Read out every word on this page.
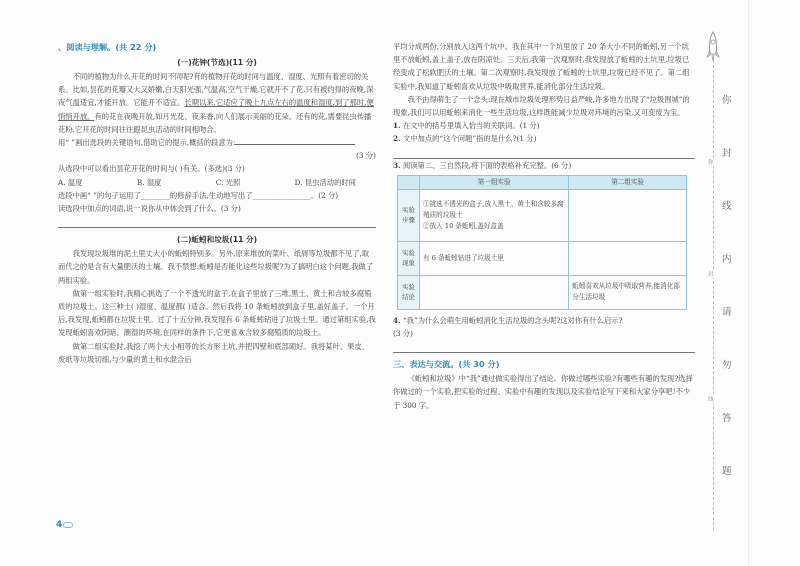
、阅读与理解。(共 22 分)
(一)花钟(节选)(11 分)

不同的植物为什么开花的时间不同呢?有的植物开花的时间与温度、湿度、光照有着密切的关系。比如,昙花的花瓣又大又娇嫩,白天阳光强,气温高,空气干燥,它就开不了花,只有被约得的夜晚,深夜气温适宜,才能开放。它能开不适宜。长期以来,它适应了晚上九点左右的温度和湿度,到了那时,便悄悄开放。有的花在夜晚开放,如月光花、夜来香,向人们展示美丽的花朵。还有的花,需要昆虫传播花粉,它开花的时间往往跟昆虫活动的时间相吻合。

用“ ”画出选段的关键语句,借助它的提示,概括的段意为:
(3 分)
从选段中可以看出昙花开花的时间与( )有关。(多选)(3 分)
A. 温度	B. 湿度	C. 光照	D. 昆虫活动的时间
选段中画“ ”的句子运用了________的修辞手法,生动地写出了________________。(2 分)
读选段中加点的词语,说一说你从中体会到了什么。(3 分)
(二)蚯蚓和垃圾(11 分)

我发现垃圾堆的泥土里丈大小的蚯蚓特别多。另外,原来堆放的菜叶、纸屑等垃圾都不见了,取而代之的是含有大量肥沃的土壤。我不禁想:蚯蚓是否能化这些垃圾呢?为了搞明白这个问题,我做了两组实验。

做第一组实验时,我精心挑选了一个不透光的盒子,在盒子里放了三堆,黑土、黄土和含较多腐殖质的垃圾土。这三种土( )湿度、温度都( )适合。然后我将 10 条蚯蚓放到盒子里,盖好盖子。一个月后,我发现,蚯蚓都在垃圾土里。过了十五分钟,我发现有 6 条蚯蚓钻进了垃圾土里。通过第组实验,我发现蚯蚓喜欢阴暗、潮湿的环境,在同样的条件下,它更喜欢含较多腐殖质的垃圾土。

做第二组实验时,我挖了两个大小相等的长方形土坑,并把四壁和底部砌好。我将某叶、果皮、废纸等垃圾切细,与少量的黄土和水混合后

4

平均分成两份,分别放入这两个坑中。我在其中一个坑里放了 20 条大小不同的蚯蚓,另一个坑里不放蚯蚓,盖上盖子,放在阴凉处。三天后,我第一次观察时,我发现放了蚯蚓的土坑里,垃圾已经变成了松软肥沃的土壤。第二次观察时,我发现放了蚯蚓的土坑里,垃圾已经不见了。第二组实验中,我知道了蚯蚓喜欢从垃圾中吸取营养,能消化部分生活垃圾。

我不由得萌生了一个念头:现在城市垃圾处理形势日益严峻,许多地方出现了“垃圾围城”的现象,我们可以用蚯蚓来消化一些生活垃圾,这样既能减少垃圾对环境的污染,又可变废为宝。

1. 在文中的括号里填入恰当的关联词。(1 分)
2. 文中加点的“这个问题”指的是什么?(1 分)
3. 阅读第二、三自然段,将下面的表格补充完整。(6 分)
	第一组实验	第二组实验
实验步骤	①挑选不透光的盒子,放入黑土、黄土和含较多腐殖质的垃圾土
②放入 10 条蚯蚓,盖好盒盖	

实验现象	有 6 条蚯蚓钻进了垃圾土里	
实验结论		蚯蚓喜欢从垃圾中吸取营养,能消化部分生活垃圾
4. “我”为什么会萌生用蚯蚓消化生活垃圾的念头呢?这对你有什么启示?
(3 分)
三、表达与交流。(共 30 分)

《蚯蚓和垃圾》中“我”通过做实验得出了结论。你做过哪些实验?有哪些有趣的发现?选择你做过的一个实验,把实验的过程、实验中有趣的发现以及实验结论写下来和大家分享吧!不少于 300 字。

你
封
线
内
请
勿
答
题
你
封
线
